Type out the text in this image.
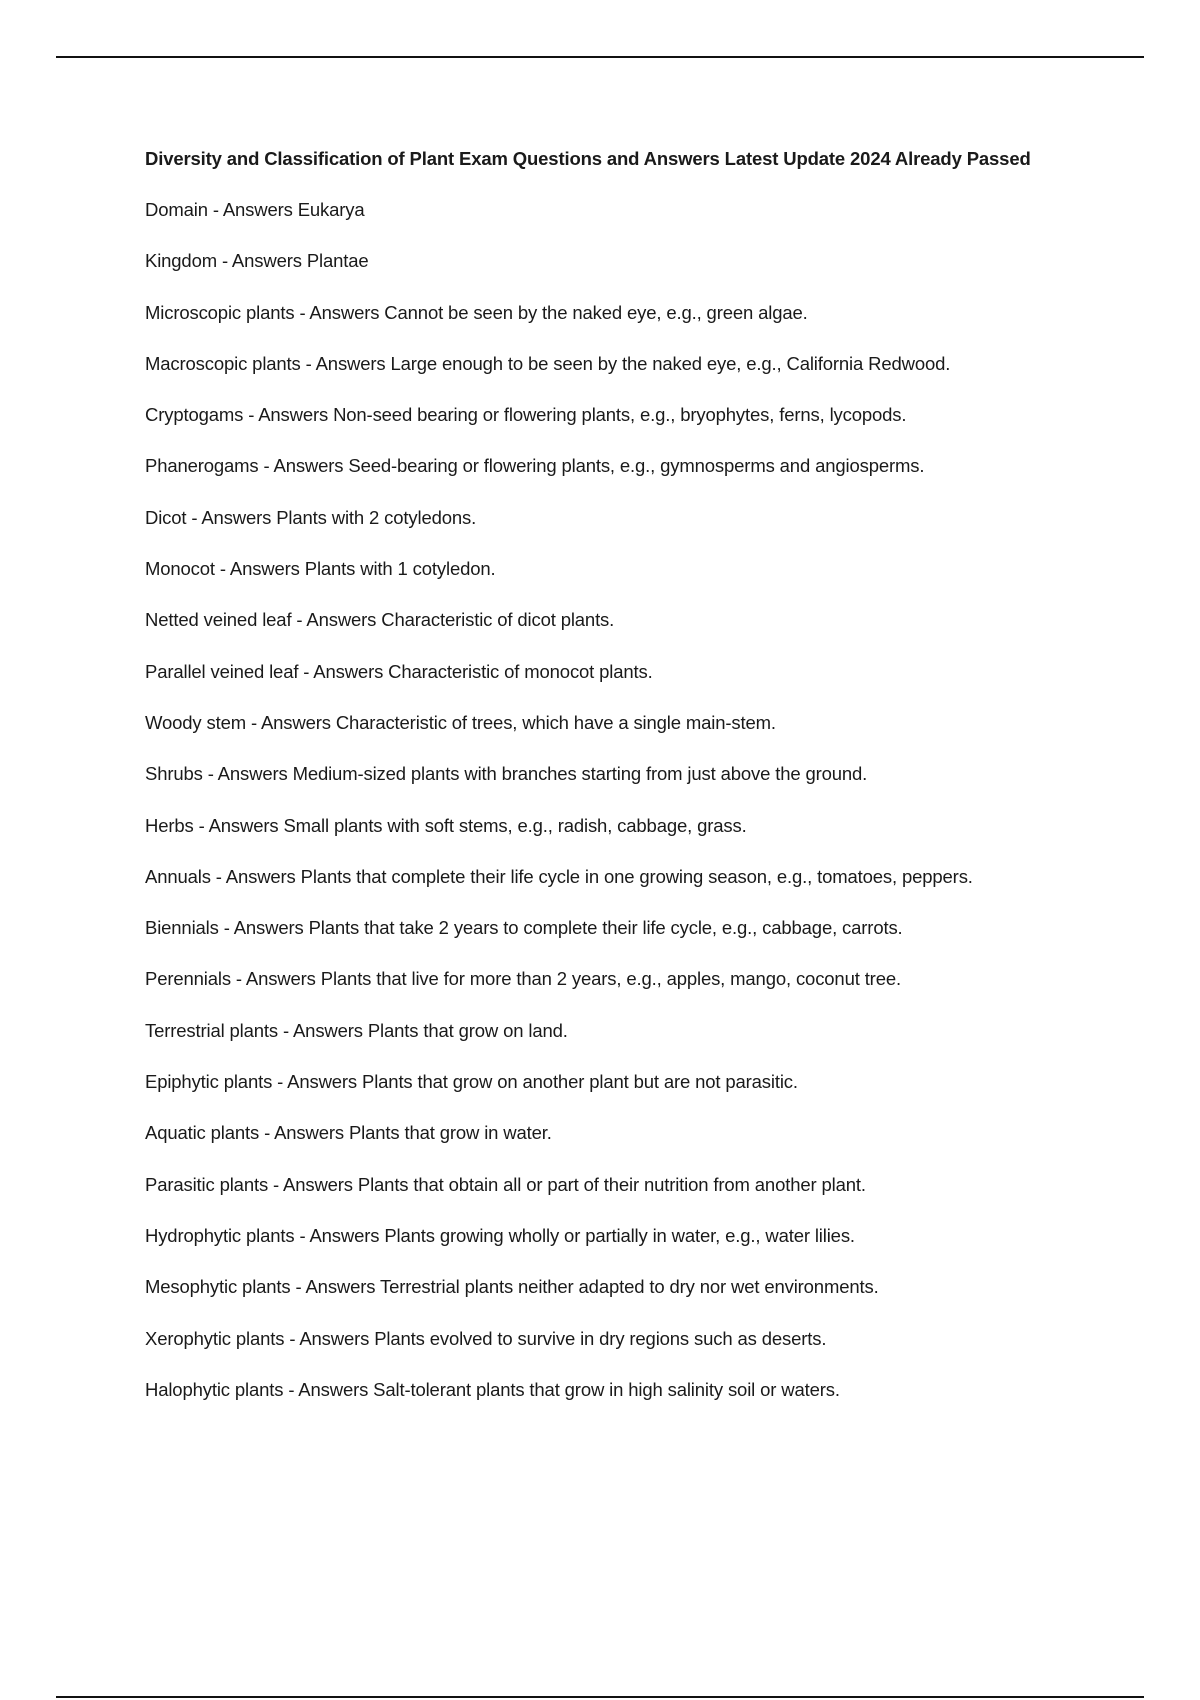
Diversity and Classification of Plant Exam Questions and Answers Latest Update 2024 Already Passed
Domain - Answers Eukarya
Kingdom - Answers Plantae
Microscopic plants - Answers Cannot be seen by the naked eye, e.g., green algae.
Macroscopic plants - Answers Large enough to be seen by the naked eye, e.g., California Redwood.
Cryptogams - Answers Non-seed bearing or flowering plants, e.g., bryophytes, ferns, lycopods.
Phanerogams - Answers Seed-bearing or flowering plants, e.g., gymnosperms and angiosperms.
Dicot - Answers Plants with 2 cotyledons.
Monocot - Answers Plants with 1 cotyledon.
Netted veined leaf - Answers Characteristic of dicot plants.
Parallel veined leaf - Answers Characteristic of monocot plants.
Woody stem - Answers Characteristic of trees, which have a single main-stem.
Shrubs - Answers Medium-sized plants with branches starting from just above the ground.
Herbs - Answers Small plants with soft stems, e.g., radish, cabbage, grass.
Annuals - Answers Plants that complete their life cycle in one growing season, e.g., tomatoes, peppers.
Biennials - Answers Plants that take 2 years to complete their life cycle, e.g., cabbage, carrots.
Perennials - Answers Plants that live for more than 2 years, e.g., apples, mango, coconut tree.
Terrestrial plants - Answers Plants that grow on land.
Epiphytic plants - Answers Plants that grow on another plant but are not parasitic.
Aquatic plants - Answers Plants that grow in water.
Parasitic plants - Answers Plants that obtain all or part of their nutrition from another plant.
Hydrophytic plants - Answers Plants growing wholly or partially in water, e.g., water lilies.
Mesophytic plants - Answers Terrestrial plants neither adapted to dry nor wet environments.
Xerophytic plants - Answers Plants evolved to survive in dry regions such as deserts.
Halophytic plants - Answers Salt-tolerant plants that grow in high salinity soil or waters.
